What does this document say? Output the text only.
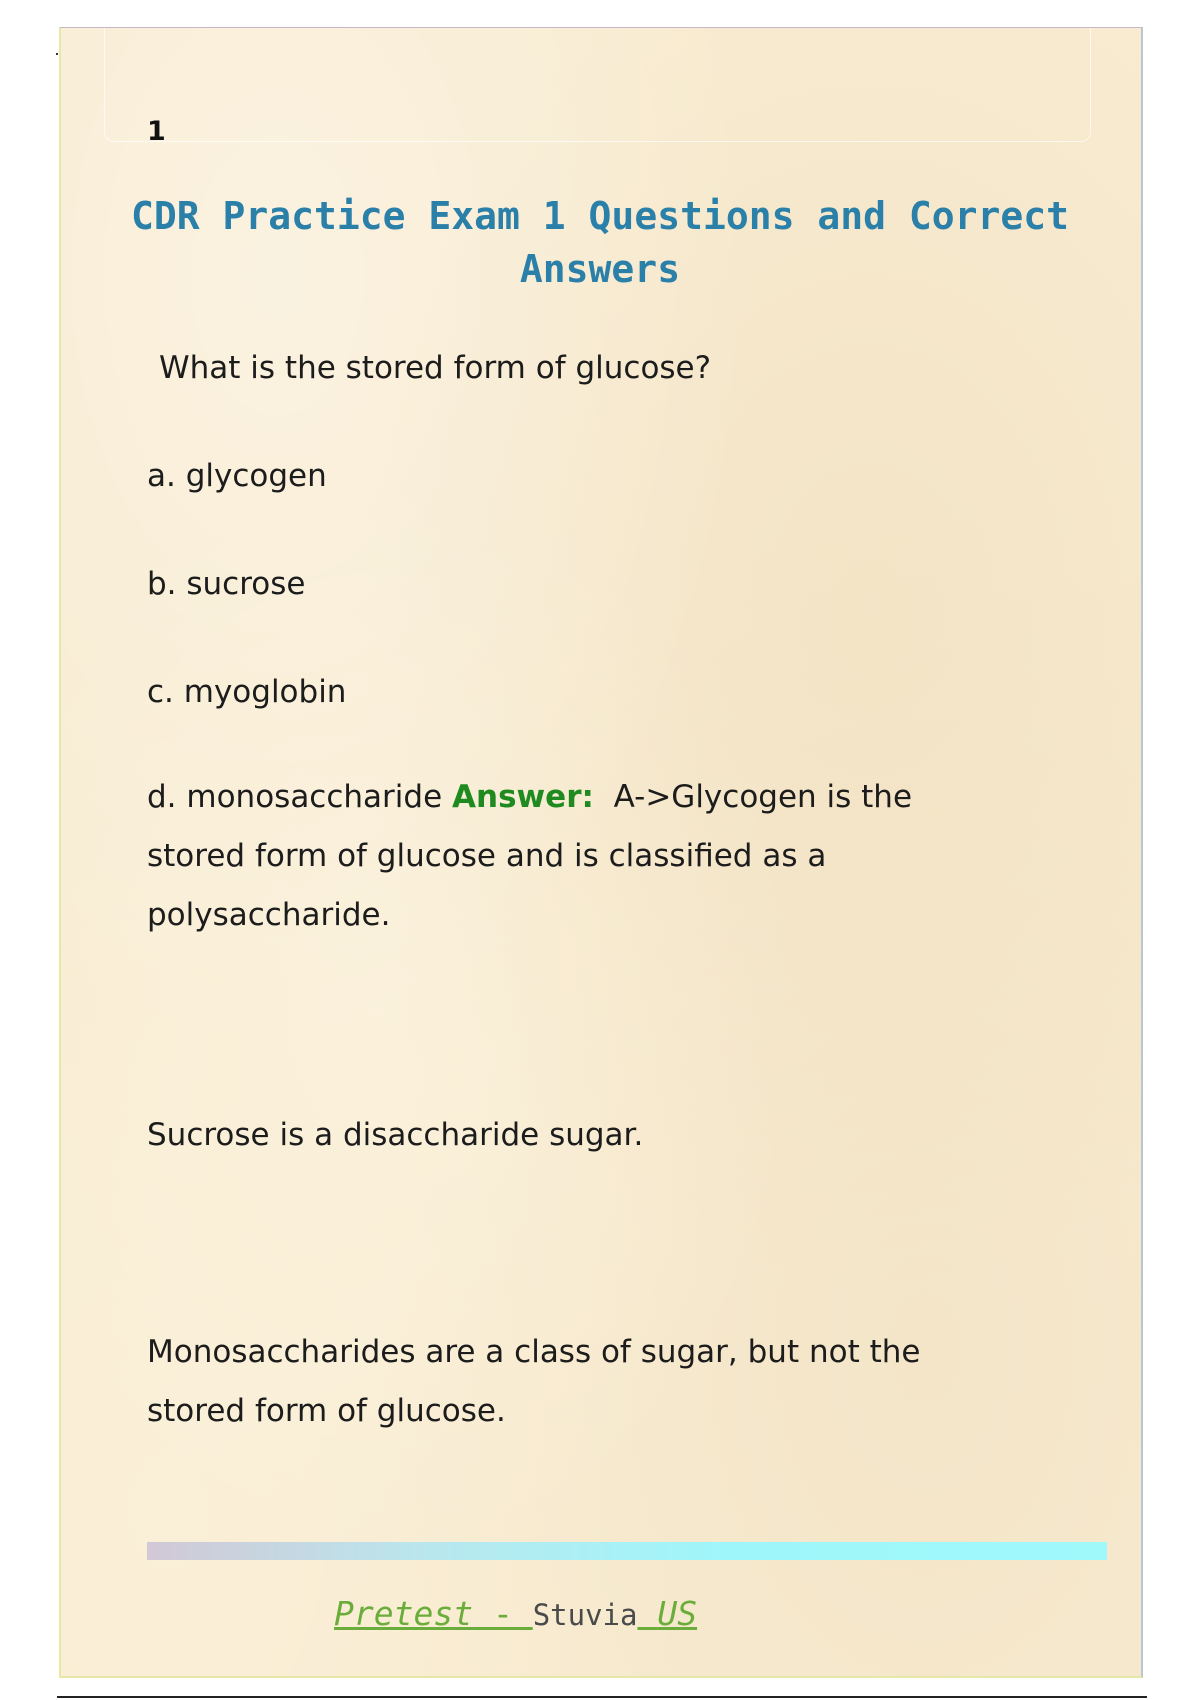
1
CDR Practice Exam 1 Questions and Correct Answers
What is the stored form of glucose?
a. glycogen
b. sucrose
c. myoglobin
d. monosaccharide Answer: A->Glycogen is the stored form of glucose and is classified as a polysaccharide.
Sucrose is a disaccharide sugar.
Monosaccharides are a class of sugar, but not the stored form of glucose.
Pretest - Stuvia US
